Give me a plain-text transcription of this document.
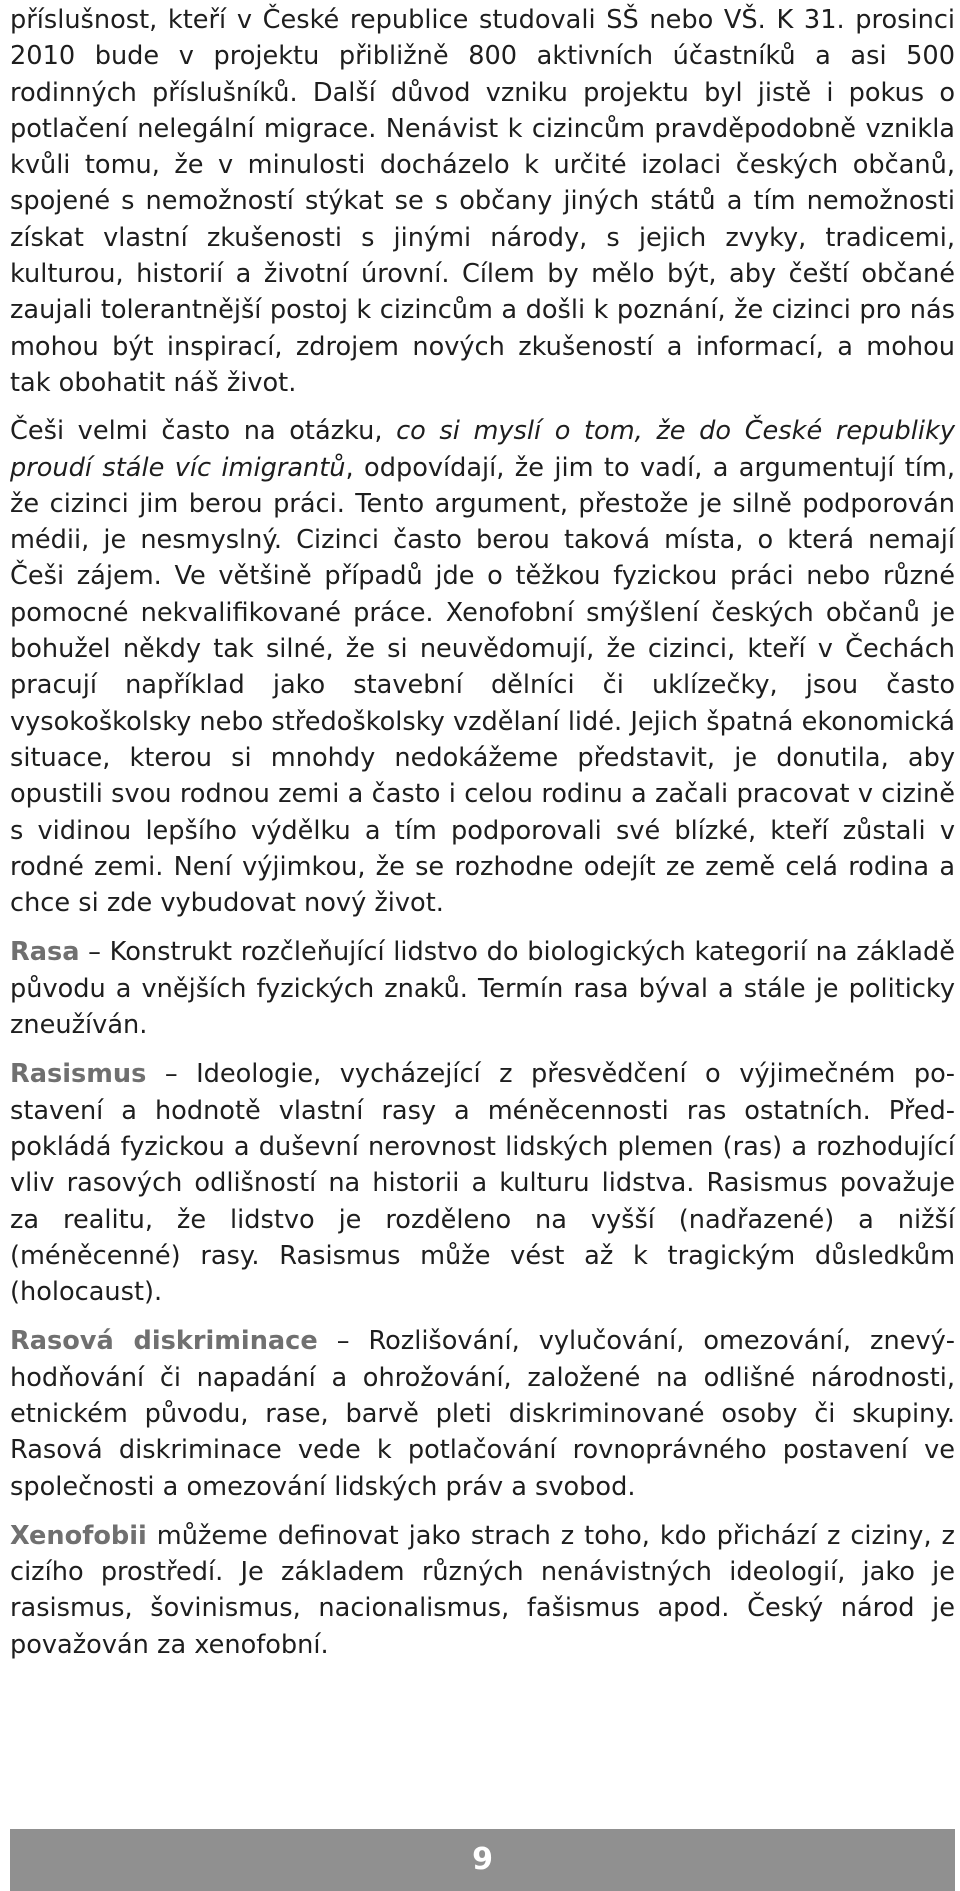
příslušnost, kteří v České republice studovali SŠ nebo VŠ. K 31. prosinci 2010 bude v projektu přibližně 800 aktivních účastníků a asi 500 rodinných příslušníků. Další důvod vzniku projektu byl jistě i pokus o potlačení nelegální migrace. Nenávist k cizincům pravděpodobně vznikla kvůli tomu, že v minulosti docházelo k určité izolaci českých občanů, spojené s nemožností stýkat se s občany jiných států a tím nemožnosti získat vlastní zkušenosti s jinými národy, s jejich zvyky, tradicemi, kulturou, historií a životní úrovní. Cílem by mělo být, aby čeští občané zaujali tolerantnější postoj k cizincům a došli k poznání, že cizinci pro nás mohou být inspirací, zdrojem nových zkušeností a informací, a mohou tak obohatit náš život.

Češi velmi často na otázku, co si myslí o tom, že do České republiky proudí stále víc imigrantů, odpovídají, že jim to vadí, a argumentují tím, že cizinci jim berou práci. Tento argument, přestože je silně podporován médii, je nesmyslný. Cizinci často berou taková místa, o která nemají Češi zájem. Ve většině případů jde o těžkou fyzickou práci nebo různé pomocné nekvalifikované práce. Xenofobní smýšlení českých občanů je bohužel někdy tak silné, že si neuvědomují, že cizinci, kteří v Čechách pracují například jako stavební dělníci či uklízečky, jsou často vysokoškolsky nebo středoškolsky vzdělaní lidé. Jejich špatná ekonomická situace, kterou si mnohdy nedokážeme představit, je donutila, aby opustili svou rodnou zemi a často i celou rodinu a začali pracovat v cizině s vidinou lepšího výdělku a tím podporovali své blízké, kteří zůstali v rodné zemi. Není výjimkou, že se rozhodne odejít ze země celá rodina a chce si zde vybudovat nový život.

Rasa – Konstrukt rozčleňující lidstvo do biologických kategorií na základě původu a vnějších fyzických znaků. Termín rasa býval a stále je politicky zneužíván.

Rasismus – Ideologie, vycházející z přesvědčení o výjimečném postavení a hodnotě vlastní rasy a méněcennosti ras ostatních. Předpokládá fyzickou a duševní nerovnost lidských plemen (ras) a rozhodující vliv rasových odlišností na historii a kulturu lidstva. Rasismus považuje za realitu, že lidstvo je rozděleno na vyšší (nadřazené) a nižší (méněcenné) rasy. Rasismus může vést až k tragickým důsledkům (holocaust).

Rasová diskriminace – Rozlišování, vylučování, omezování, znevýhodňování či napadání a ohrožování, založené na odlišné národnosti, etnickém původu, rase, barvě pleti diskriminované osoby či skupiny. Rasová diskriminace vede k potlačování rovnoprávného postavení ve společnosti a omezování lidských práv a svobod.

Xenofobii můžeme definovat jako strach z toho, kdo přichází z ciziny, z cizího prostředí. Je základem různých nenávistných ideologií, jako je rasismus, šovinismus, nacionalismus, fašismus apod. Český národ je považován za xenofobní.

9
